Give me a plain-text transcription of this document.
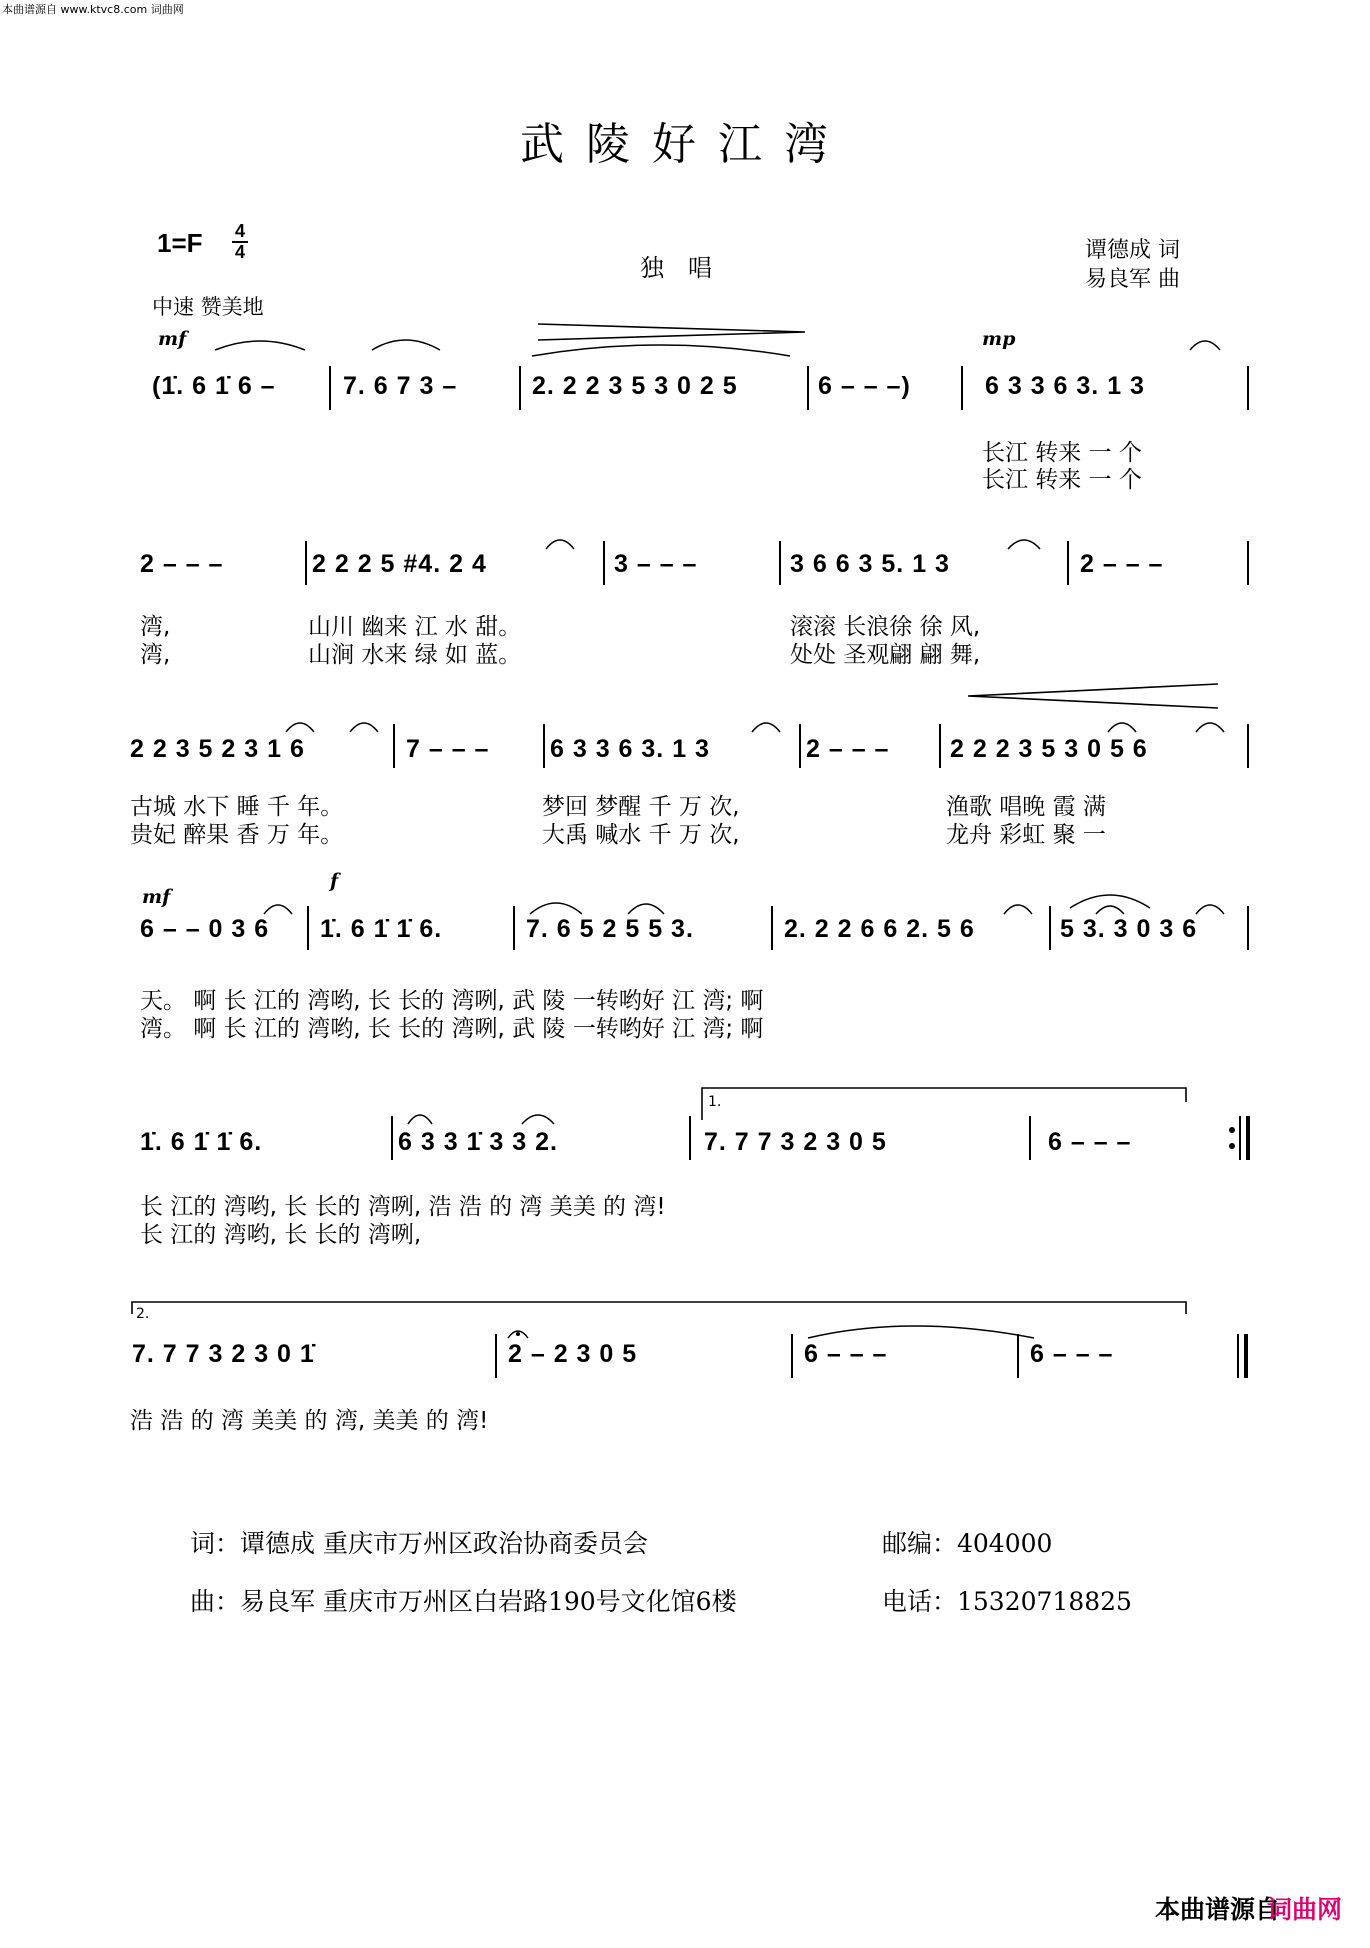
本曲谱源自 www.ktvc8.com 词曲网
武陵好江湾
1=F 4
4
独唱
谭德成 词
易良军 曲
中速 赞美地
mf	mp
(1̇. 6 1̇ 6 –	7. 6 7 3 –	2. 2 2 3 5 3 0 2 5	6 – – –)	6 3 3 6 3. 1 3
长江 转来 一 个
长江 转来 一 个
2 – – –	2 2 2 5 #4. 2 4	3 – – –	3 6 6 3 5. 1 3	2 – – –
湾,	山川 幽来 江 水 甜。	滚滚 长浪徐 徐 风,
湾,	山涧 水来 绿 如 蓝。	处处 圣观翩 翩 舞,
2 2 3 5 2 3 1 6	7 – – – 6 3 3 6 3. 1 3	2 – – – 2 2 2 3 5 3 0 5 6
古城 水下 睡 千 年。	梦回 梦醒 千 万 次,	渔歌 唱晚 霞 满
贵妃 醉果 香 万 年。	大禹 喊水 千 万 次,	龙舟 彩虹 聚 一
mf
f
6 – – 0 3 6 1̇. 6 1̇ 1̇ 6.	7. 6 5 2 5 5 3.	2. 2 2 6 6 2. 5 6	5 3. 3 0 3 6
天。 啊 长 江的 湾哟, 长 长的 湾咧, 武 陵 一转哟好 江 湾; 啊
湾。 啊 长 江的 湾哟, 长 长的 湾咧, 武 陵 一转哟好 江 湾; 啊
1.
1̇. 6 1̇ 1̇ 6.	6 3 3 1̇ 3 3 2.	7. 7 7 3 2 3 0 5	6 – – –
长 江的 湾哟, 长 长的 湾咧, 浩 浩 的 湾 美美 的 湾!
长 江的 湾哟, 长 长的 湾咧,
2.
7. 7 7 3 2 3 0 1̇	2 – 2 3 0 5	6 – – –	6 – – –
浩 浩 的 湾 美美 的 湾, 美美 的 湾!
词：谭德成 重庆市万州区政治协商委员会	邮编：404000
曲：易良军 重庆市万州区白岩路190号文化馆6楼	电话：15320718825
本曲谱源自
词曲网
